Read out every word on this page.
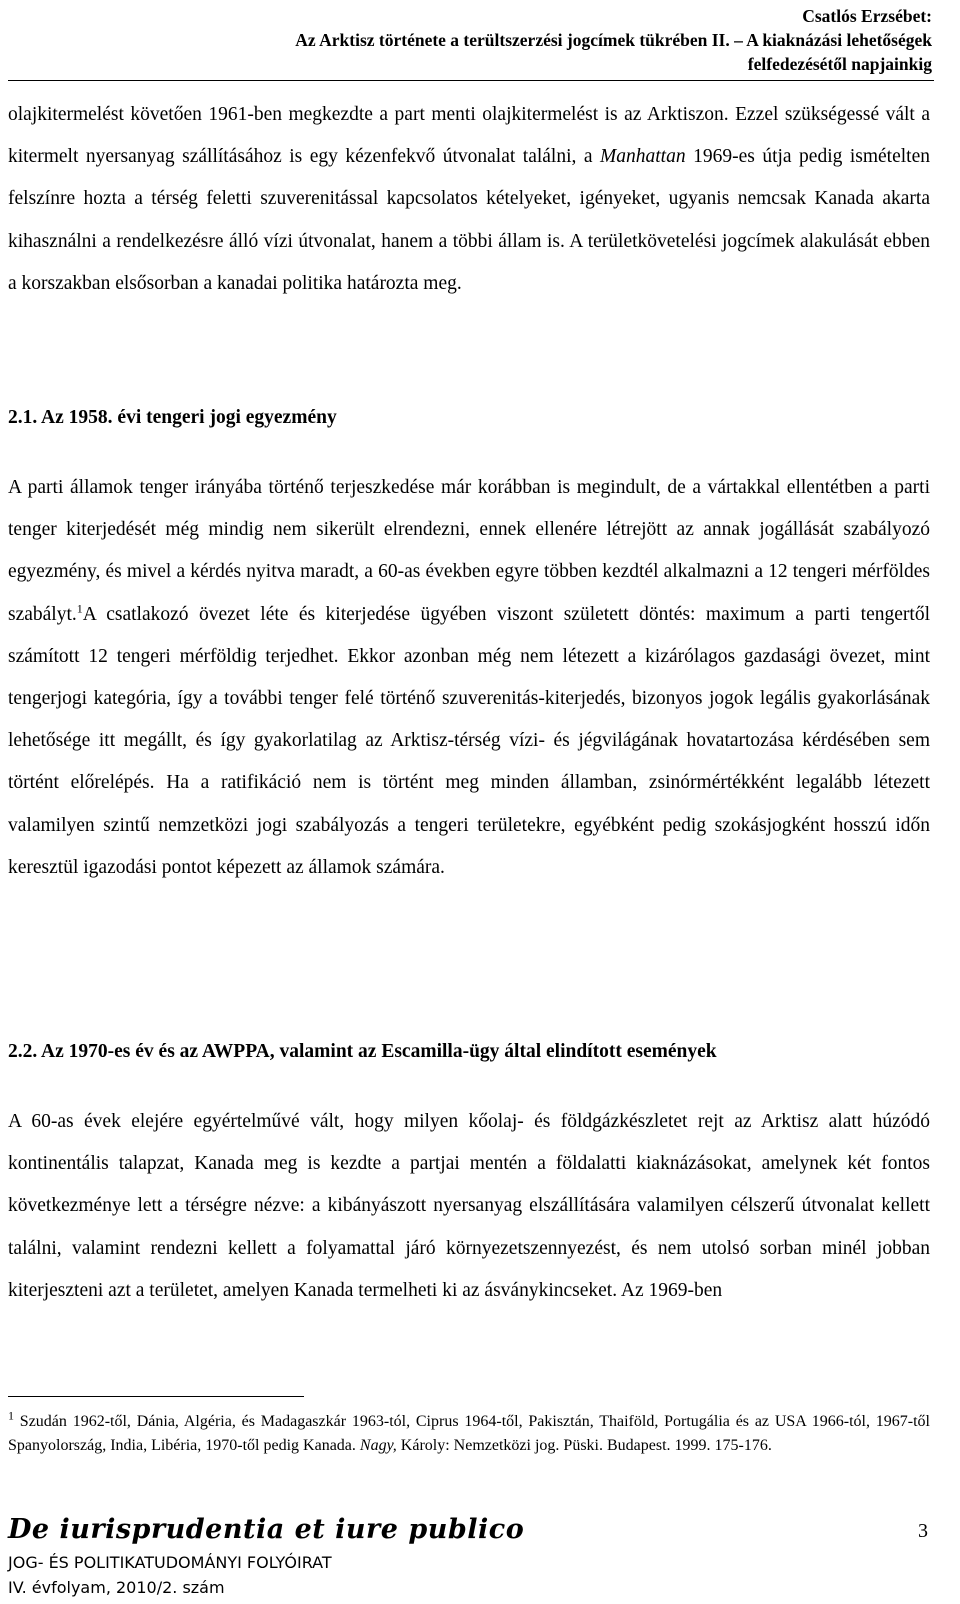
Csatlós Erzsébet:
Az Arktisz története a terültszerzési jogcímek tükrében II. – A kiaknázási lehetőségek
felfedezésétől napjainkig

olajkitermelést követően 1961-ben megkezdte a part menti olajkitermelést is az Arktiszon. Ezzel szükségessé vált a kitermelt nyersanyag szállításához is egy kézenfekvő útvonalat találni, a Manhattan 1969-es útja pedig ismételten felszínre hozta a térség feletti szuverenitással kapcsolatos kételyeket, igényeket, ugyanis nemcsak Kanada akarta kihasználni a rendelkezésre álló vízi útvonalat, hanem a többi állam is. A területkövetelési jogcímek alakulását ebben a korszakban elsősorban a kanadai politika határozta meg.

2.1. Az 1958. évi tengeri jogi egyezmény

A parti államok tenger irányába történő terjeszkedése már korábban is megindult, de a vártakkal ellentétben a parti tenger kiterjedését még mindig nem sikerült elrendezni, ennek ellenére létrejött az annak jogállását szabályozó egyezmény, és mivel a kérdés nyitva maradt, a 60-as években egyre többen kezdtél alkalmazni a 12 tengeri mérföldes szabályt.$^1$A csatlakozó övezet léte és kiterjedése ügyében viszont született döntés: maximum a parti tengertől számított 12 tengeri mérföldig terjedhet. Ekkor azonban még nem létezett a kizárólagos gazdasági övezet, mint tengerjogi kategória, így a további tenger felé történő szuverenitás-kiterjedés, bizonyos jogok legális gyakorlásának lehetősége itt megállt, és így gyakorlatilag az Arktisz-térség vízi- és jégvilágának hovatartozása kérdésében sem történt előrelépés. Ha a ratifikáció nem is történt meg minden államban, zsinórmértékként legalább létezett valamilyen szintű nemzetközi jogi szabályozás a tengeri területekre, egyébként pedig szokásjogként hosszú időn keresztül igazodási pontot képezett az államok számára.

2.2. Az 1970-es év és az AWPPA, valamint az Escamilla-ügy által elindított események

A 60-as évek elejére egyértelművé vált, hogy milyen kőolaj- és földgázkészletet rejt az Arktisz alatt húzódó kontinentális talapzat, Kanada meg is kezdte a partjai mentén a földalatti kiaknázásokat, amelynek két fontos következménye lett a térségre nézve: a kibányászott nyersanyag elszállítására valamilyen célszerű útvonalat kellett találni, valamint rendezni kellett a folyamattal járó környezetszennyezést, és nem utolsó sorban minél jobban kiterjeszteni azt a területet, amelyen Kanada termelheti ki az ásványkincseket. Az 1969-ben

$^1$ Szudán 1962-től, Dánia, Algéria, és Madagaszkár 1963-tól, Ciprus 1964-től, Pakisztán, Thaiföld, Portugália és az USA 1966-tól, 1967-től Spanyolország, India, Libéria, 1970-től pedig Kanada. Nagy, Károly: Nemzetközi jog. Püski. Budapest. 1999. 175-176.

De iurisprudentia et iure publico	3
JOG- ÉS POLITIKATUDOMÁNYI FOLYÓIRAT
IV. évfolyam, 2010/2. szám
